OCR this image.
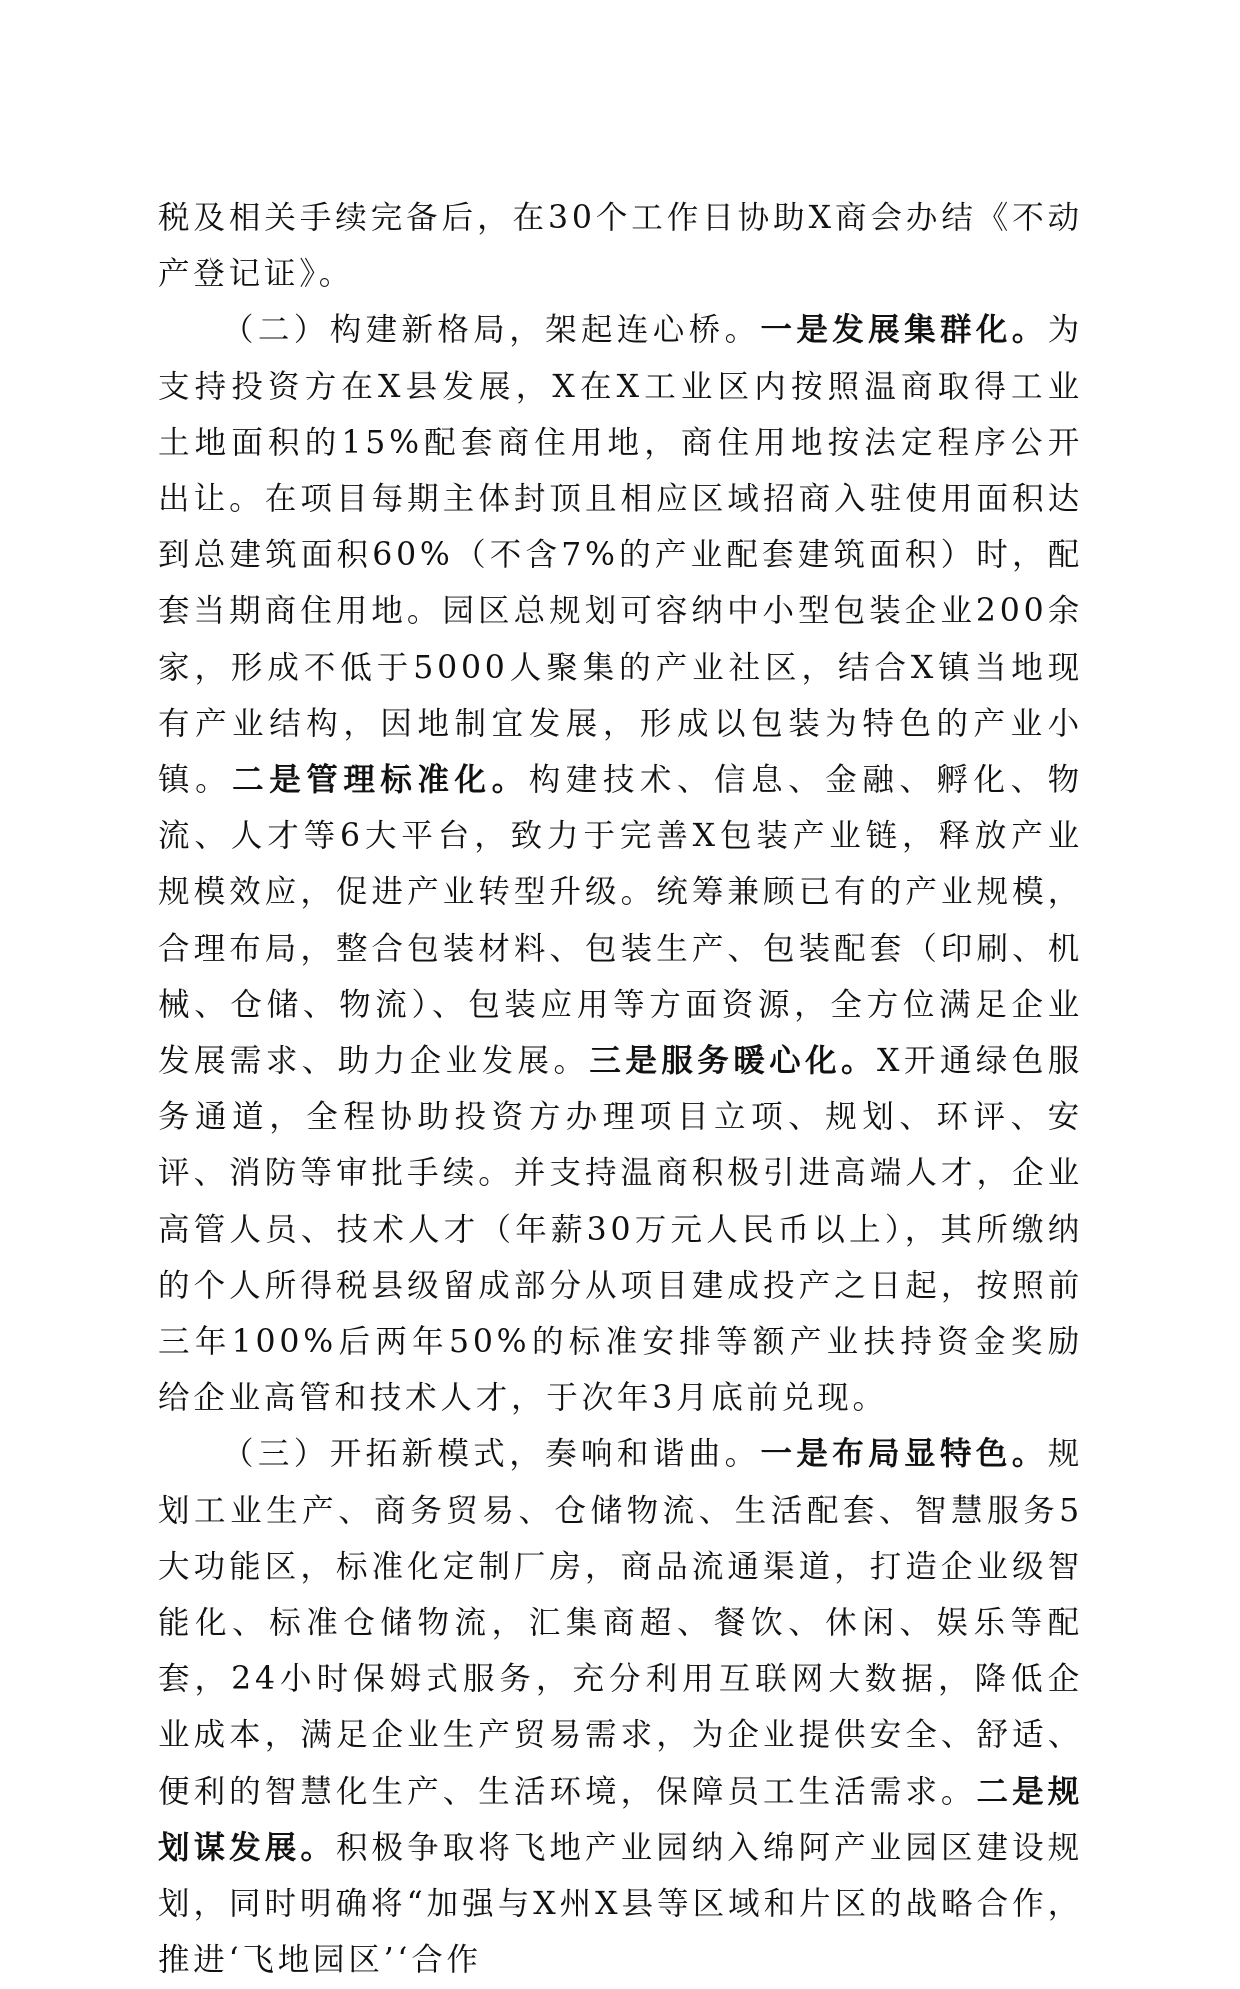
税及相关手续完备后，在30个工作日协助X商会办结《不动产登记证》。

（二）构建新格局，架起连心桥。一是发展集群化。为支持投资方在X县发展，X在X工业区内按照温商取得工业土地面积的15%配套商住用地，商住用地按法定程序公开出让。在项目每期主体封顶且相应区域招商入驻使用面积达到总建筑面积60%（不含7%的产业配套建筑面积）时，配套当期商住用地。园区总规划可容纳中小型包装企业200余家，形成不低于5000人聚集的产业社区，结合X镇当地现有产业结构，因地制宜发展，形成以包装为特色的产业小镇。二是管理标准化。构建技术、信息、金融、孵化、物流、人才等6大平台，致力于完善X包装产业链，释放产业规模效应，促进产业转型升级。统筹兼顾已有的产业规模，合理布局，整合包装材料、包装生产、包装配套（印刷、机械、仓储、物流）、包装应用等方面资源，全方位满足企业发展需求、助力企业发展。三是服务暖心化。X开通绿色服务通道，全程协助投资方办理项目立项、规划、环评、安评、消防等审批手续。并支持温商积极引进高端人才，企业高管人员、技术人才（年薪30万元人民币以上），其所缴纳的个人所得税县级留成部分从项目建成投产之日起，按照前三年100%后两年50%的标准安排等额产业扶持资金奖励给企业高管和技术人才，于次年3月底前兑现。

（三）开拓新模式，奏响和谐曲。一是布局显特色。规划工业生产、商务贸易、仓储物流、生活配套、智慧服务5大功能区，标准化定制厂房，商品流通渠道，打造企业级智能化、标准仓储物流，汇集商超、餐饮、休闲、娱乐等配套，24小时保姆式服务，充分利用互联网大数据，降低企业成本，满足企业生产贸易需求，为企业提供安全、舒适、便利的智慧化生产、生活环境，保障员工生活需求。二是规划谋发展。积极争取将飞地产业园纳入绵阿产业园区建设规划，同时明确将“加强与X州X县等区域和片区的战略合作，推进‘飞地园区’‘合作
